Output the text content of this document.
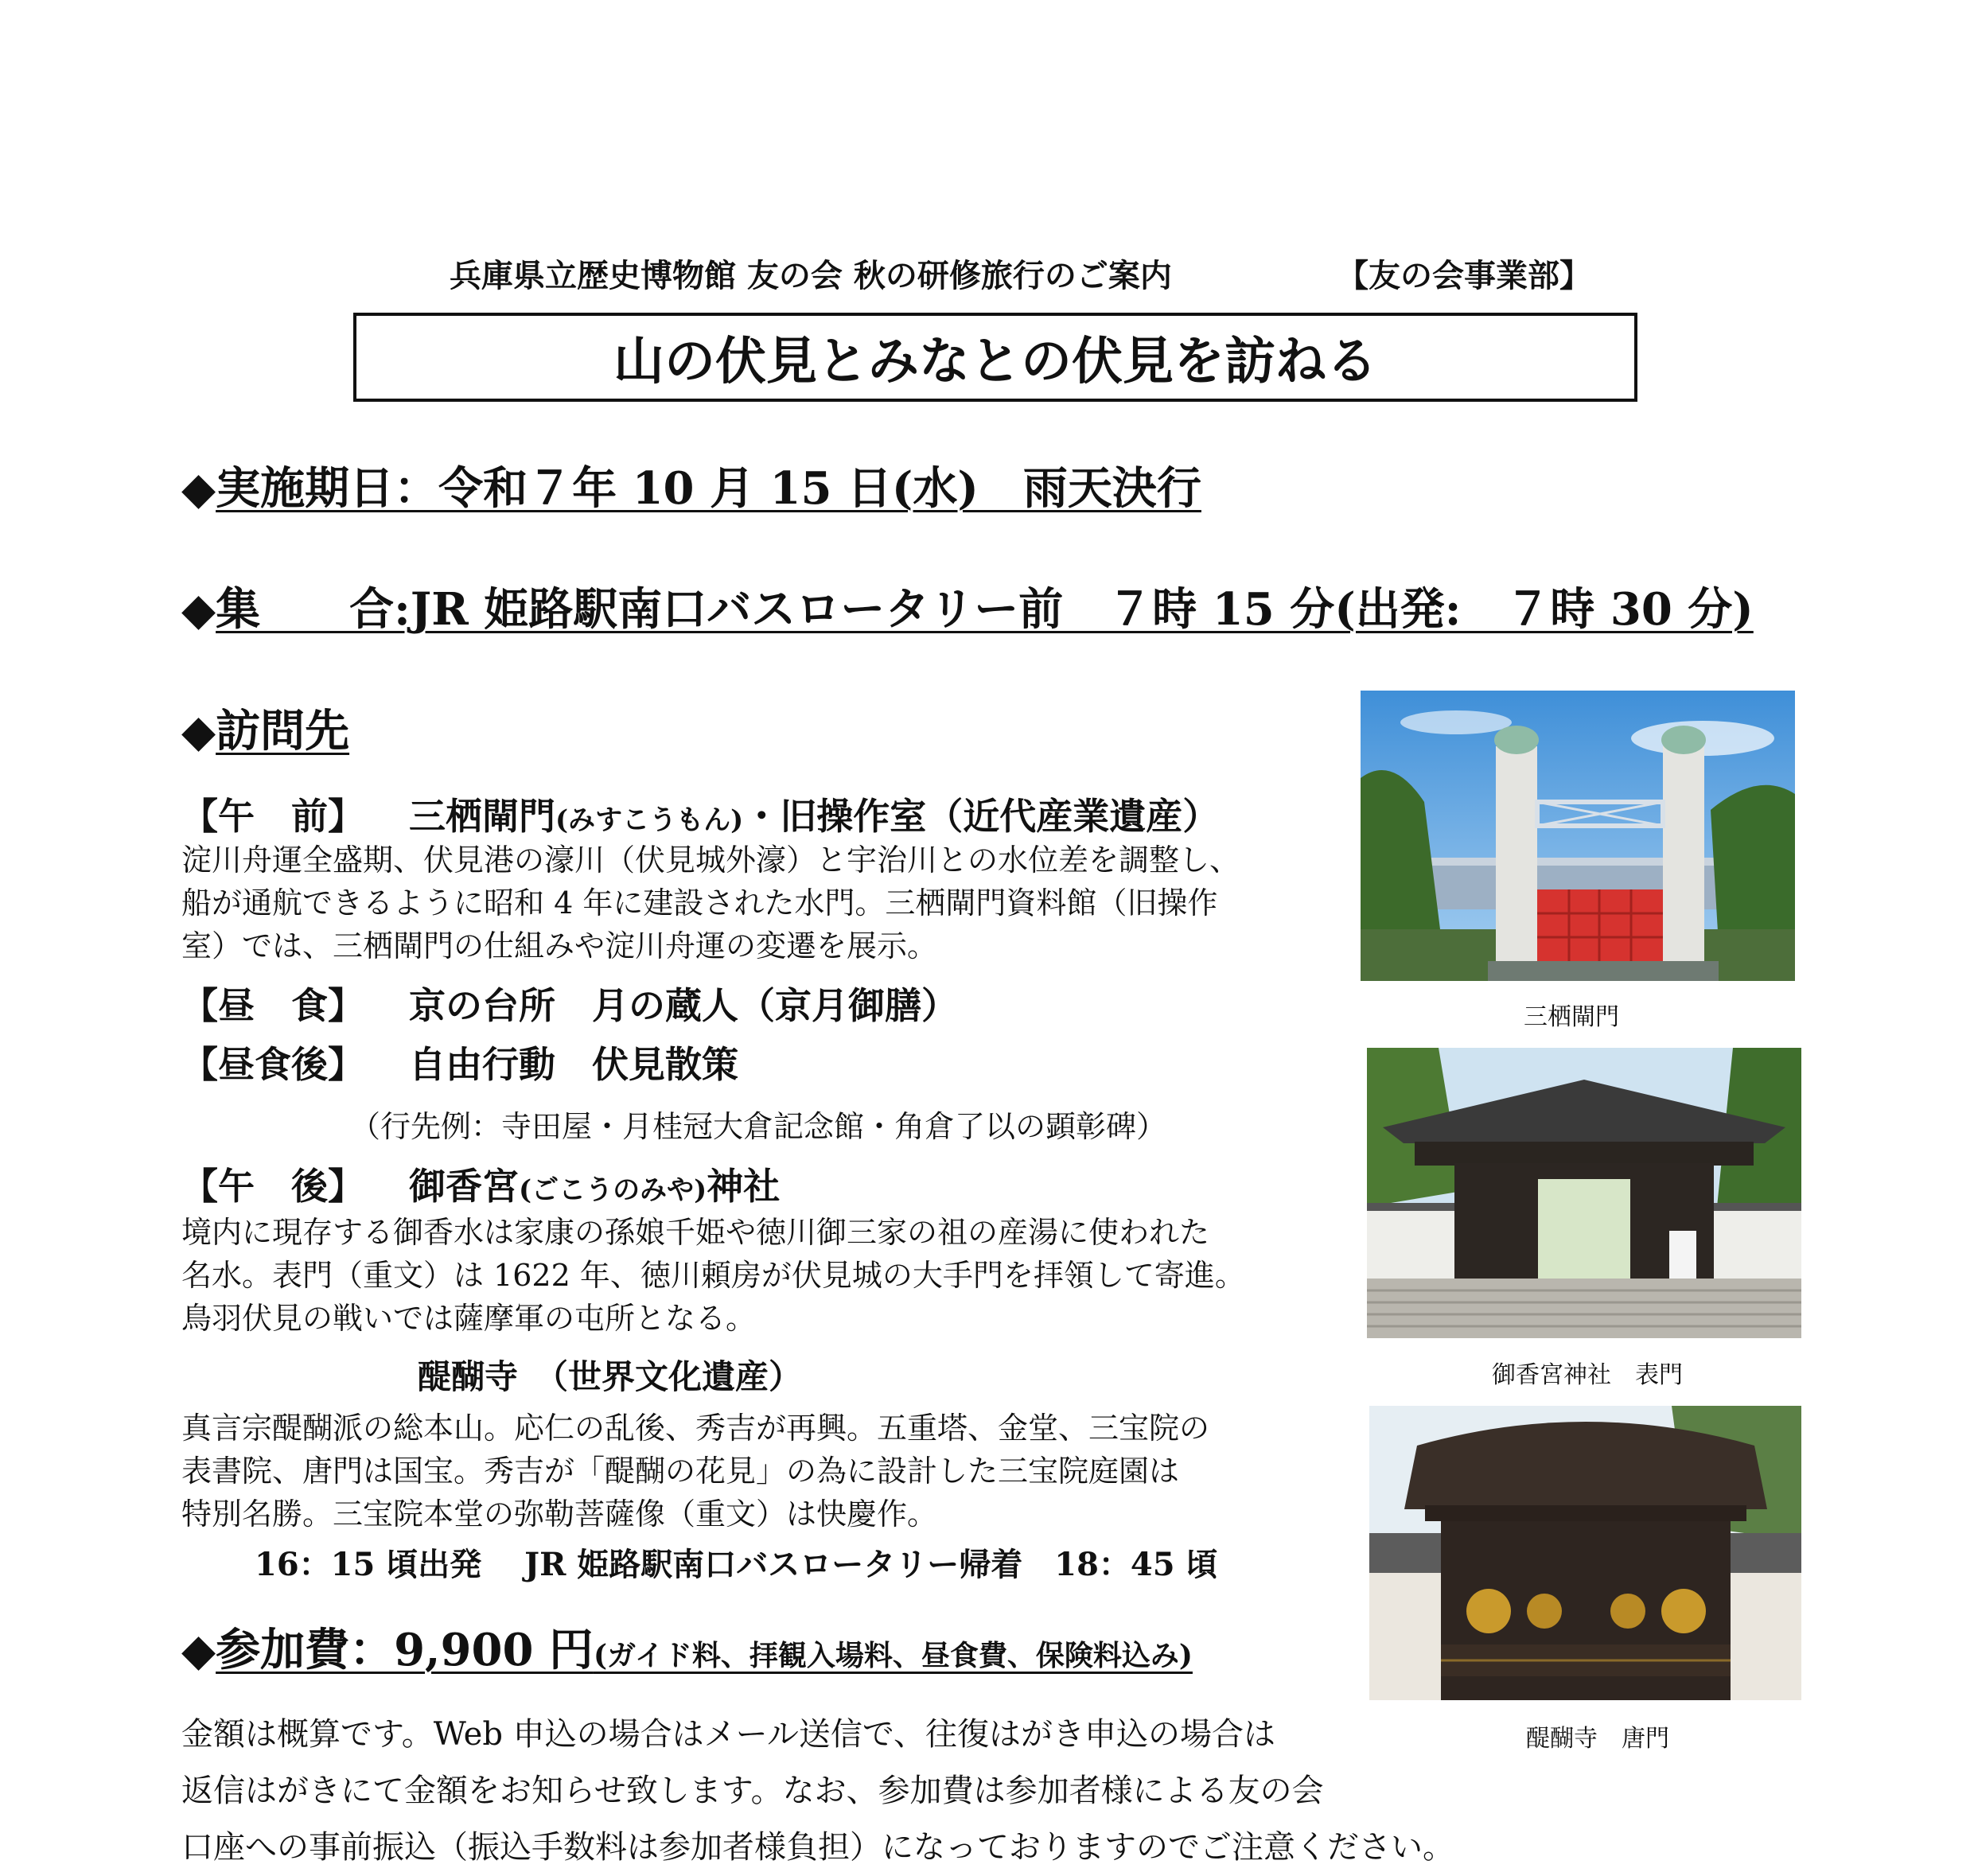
兵庫県立歴史博物館 友の会 秋の研修旅行のご案内	【友の会事業部】
山の伏見とみなとの伏見を訪ねる
◆実施期日：令和７年 10 月 15 日(水)　雨天決行
◆集　　合:JR 姫路駅南口バスロータリー前　７時 15 分(出発:　７時 30 分)
◆訪問先
【午　前】 三栖閘門(みすこうもん)・旧操作室（近代産業遺産）
淀川舟運全盛期、伏見港の濠川（伏見城外濠）と宇治川との水位差を調整し、
船が通航できるように昭和 4 年に建設された水門。三栖閘門資料館（旧操作
室）では、三栖閘門の仕組みや淀川舟運の変遷を展示。
【昼　食】 京の台所　月の蔵人（京月御膳）
【昼食後】 自由行動　伏見散策
（行先例：寺田屋・月桂冠大倉記念館・角倉了以の顕彰碑）
【午　後】 御香宮(ごこうのみや)神社
境内に現存する御香水は家康の孫娘千姫や徳川御三家の祖の産湯に使われた
名水。表門（重文）は 1622 年、徳川頼房が伏見城の大手門を拝領して寄進。
鳥羽伏見の戦いでは薩摩軍の屯所となる。
醍醐寺　（世界文化遺産）
真言宗醍醐派の総本山。応仁の乱後、秀吉が再興。五重塔、金堂、三宝院の
表書院、唐門は国宝。秀吉が「醍醐の花見」の為に設計した三宝院庭園は
特別名勝。三宝院本堂の弥勒菩薩像（重文）は快慶作。
16：15 頃出発　 JR 姫路駅南口バスロータリー帰着　18：45 頃
◆参加費：9,900 円(ガイド料、拝観入場料、昼食費、保険料込み)
金額は概算です。Web 申込の場合はメール送信で、往復はがき申込の場合は
返信はがきにて金額をお知らせ致します。なお、参加費は参加者様による友の会
口座への事前振込（振込手数料は参加者様負担）になっておりますのでご注意ください。
三栖閘門
御香宮神社　表門
醍醐寺　唐門
